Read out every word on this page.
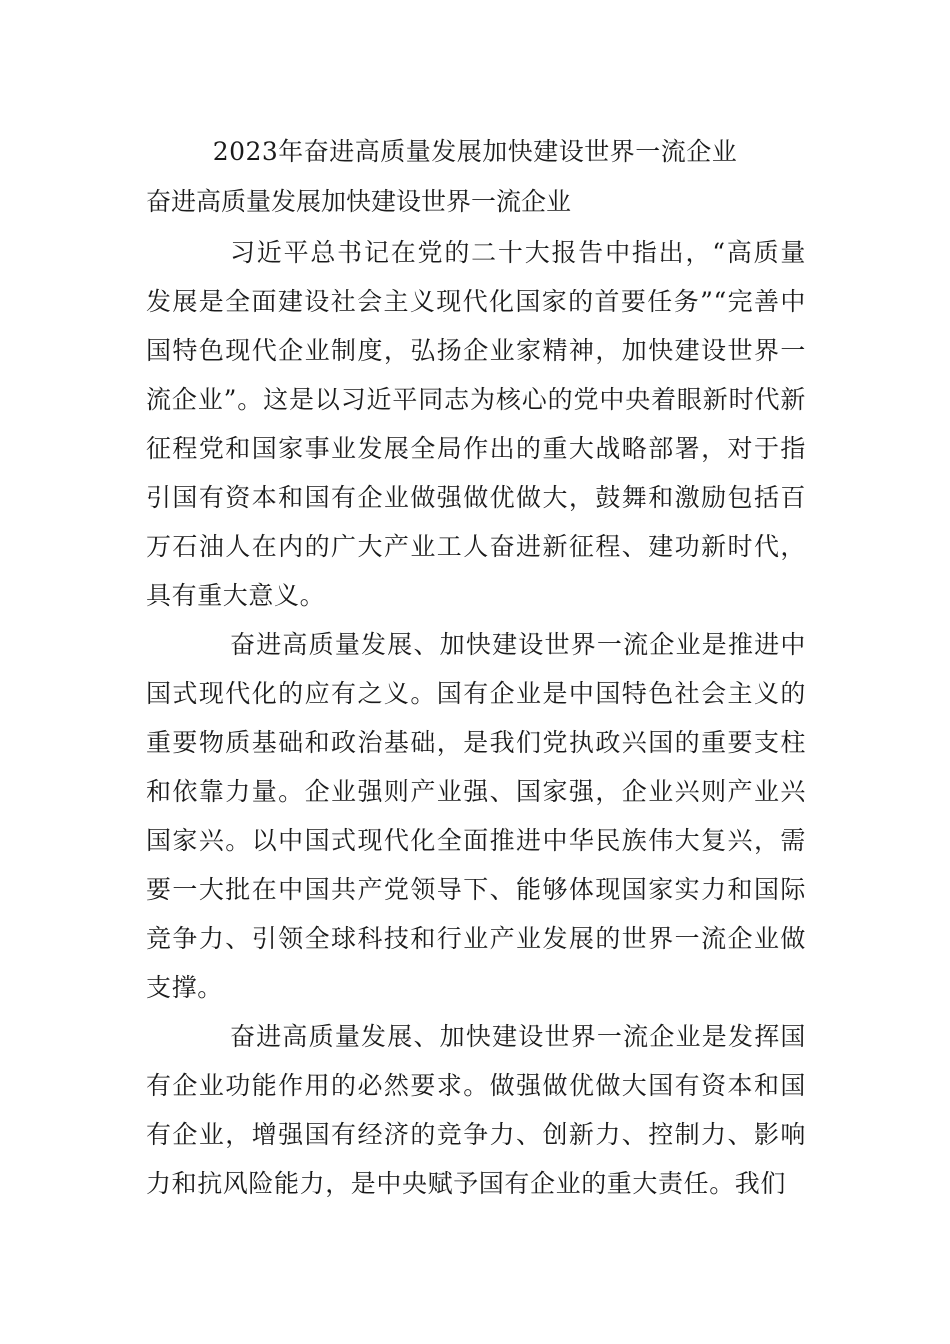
2023年奋进高质量发展加快建设世界一流企业
奋进高质量发展加快建设世界一流企业

习近平总书记在党的二十大报告中指出，“高质量发展是全面建设社会主义现代化国家的首要任务”“完善中国特色现代企业制度，弘扬企业家精神，加快建设世界一流企业”。这是以习近平同志为核心的党中央着眼新时代新征程党和国家事业发展全局作出的重大战略部署，对于指引国有资本和国有企业做强做优做大，鼓舞和激励包括百万石油人在内的广大产业工人奋进新征程、建功新时代，具有重大意义。

奋进高质量发展、加快建设世界一流企业是推进中国式现代化的应有之义。国有企业是中国特色社会主义的重要物质基础和政治基础，是我们党执政兴国的重要支柱和依靠力量。企业强则产业强、国家强，企业兴则产业兴国家兴。以中国式现代化全面推进中华民族伟大复兴，需要一大批在中国共产党领导下、能够体现国家实力和国际竞争力、引领全球科技和行业产业发展的世界一流企业做支撑。

奋进高质量发展、加快建设世界一流企业是发挥国有企业功能作用的必然要求。做强做优做大国有资本和国有企业，增强国有经济的竞争力、创新力、控制力、影响力和抗风险能力，是中央赋予国有企业的重大责任。我们
